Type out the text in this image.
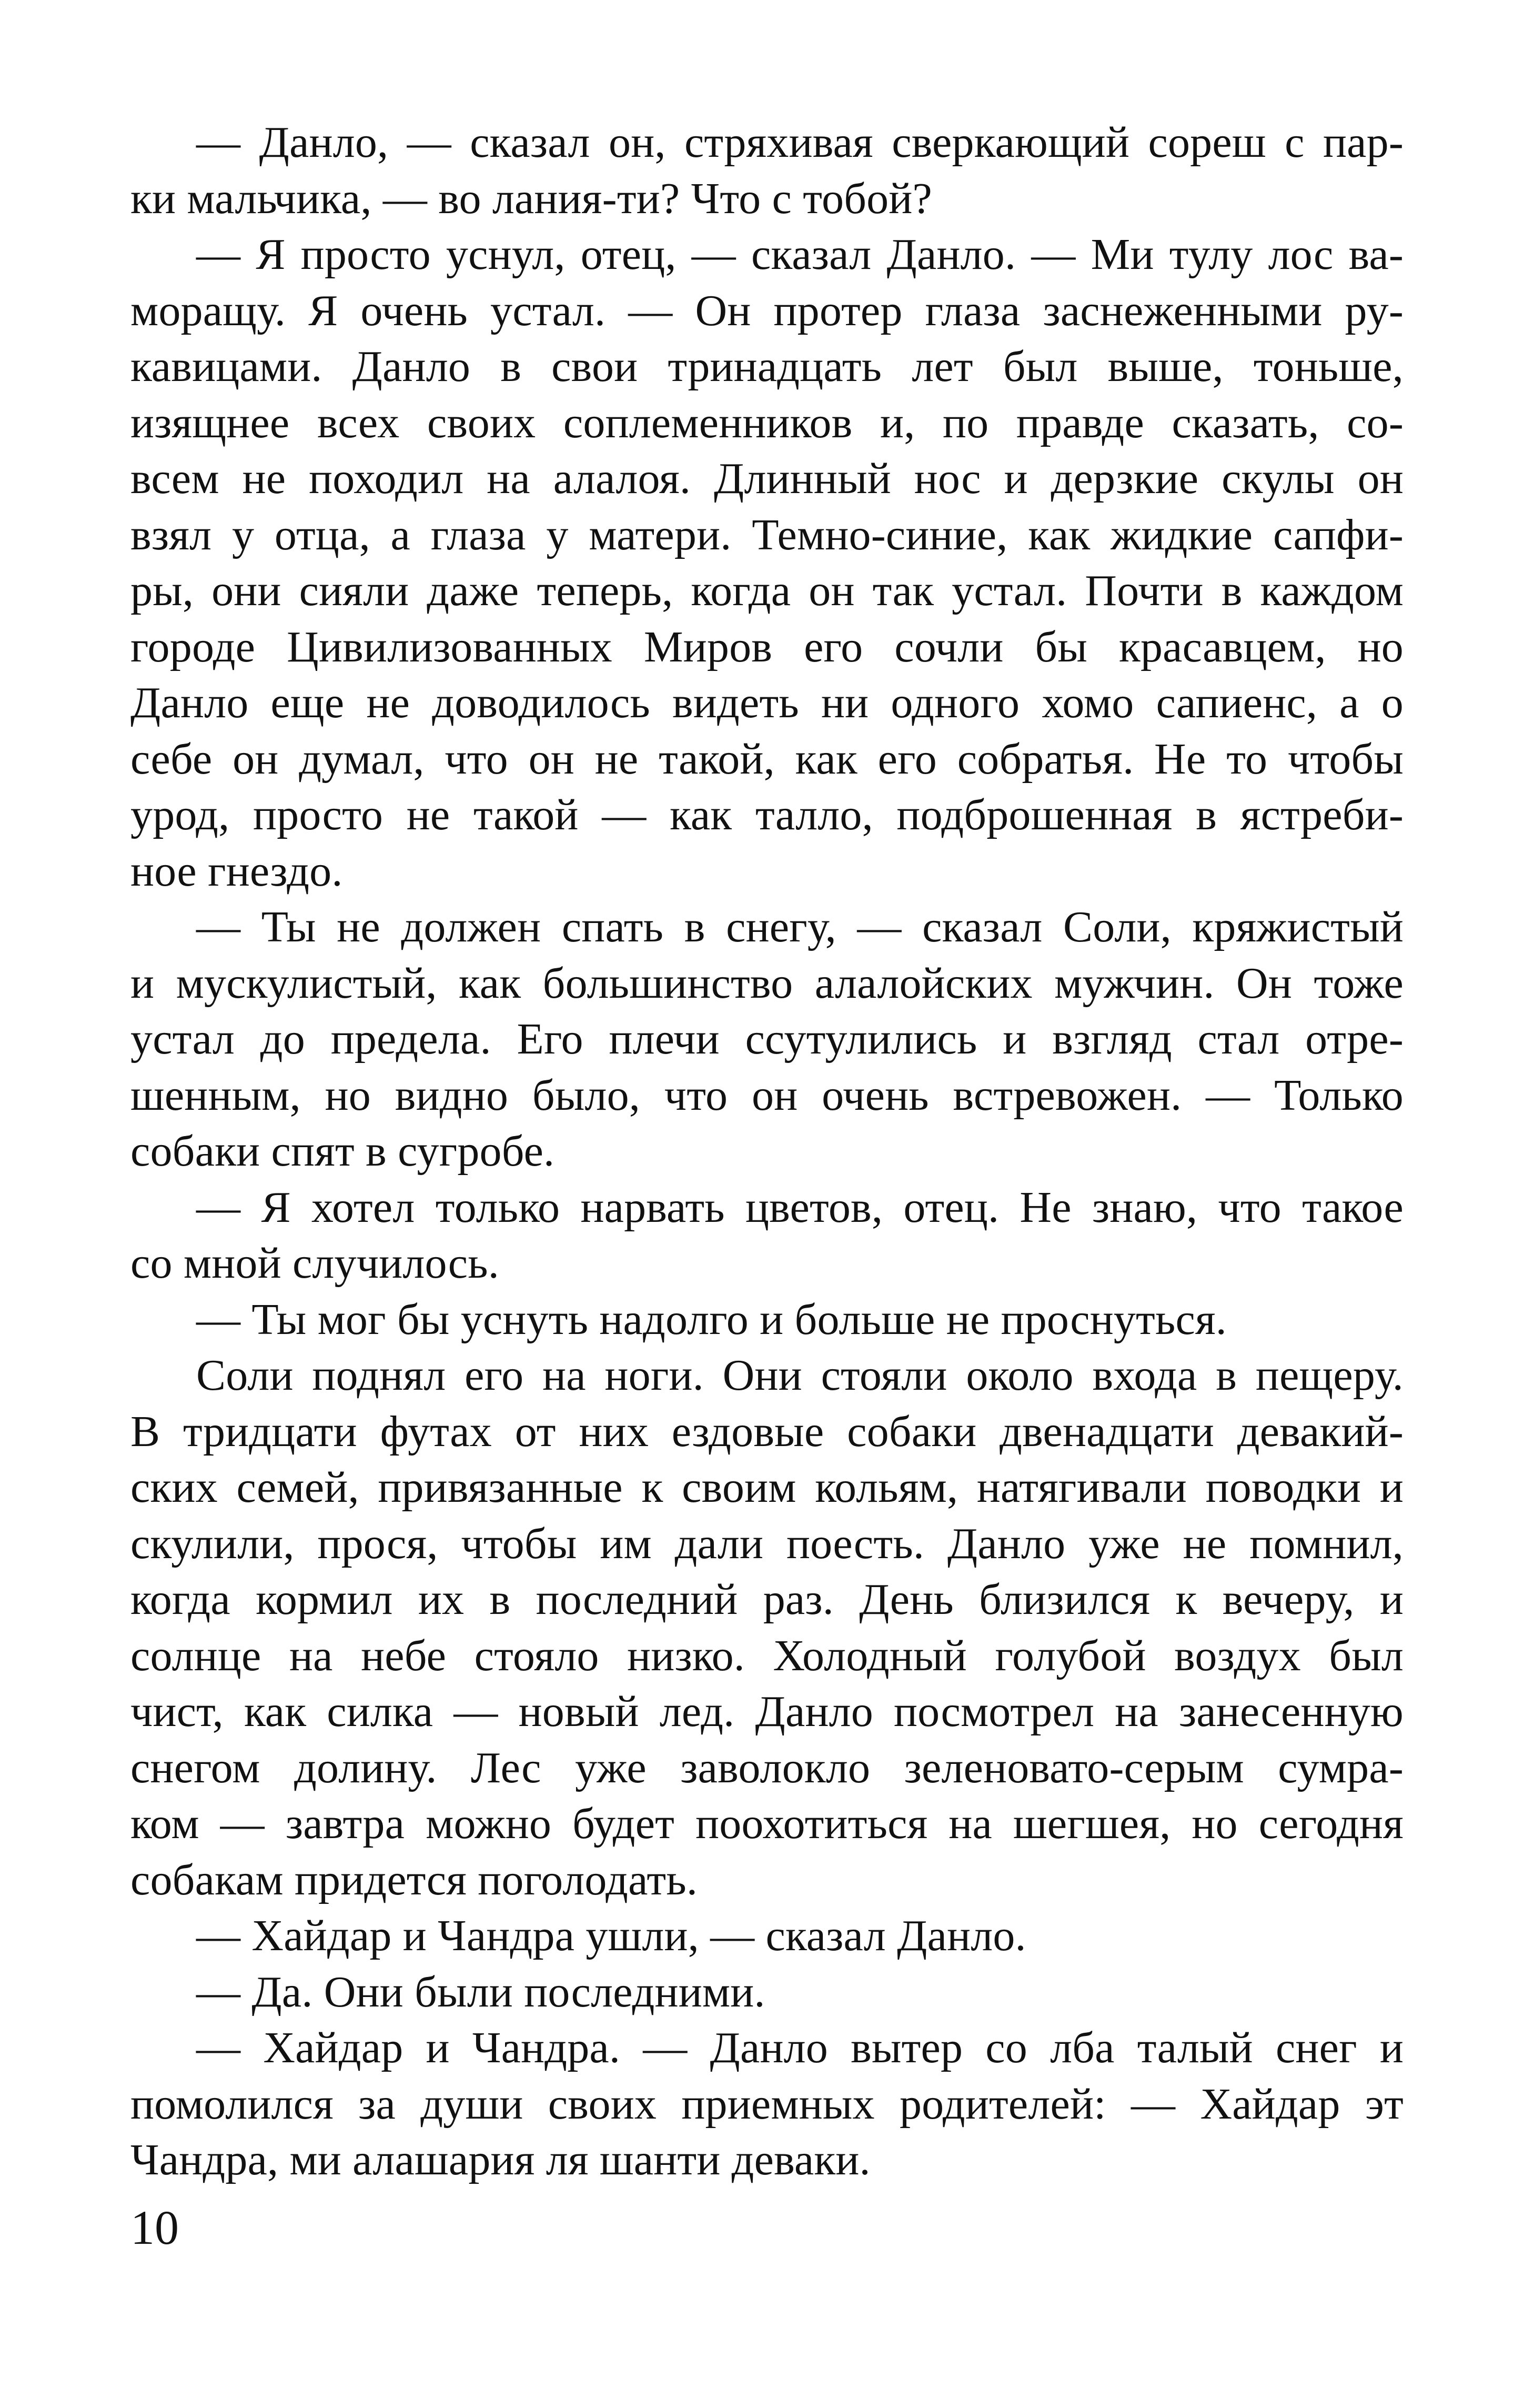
— Данло, — сказал он, стряхивая сверкающий сореш с пар-
ки мальчика, — во лания-ти? Что с тобой?
— Я просто уснул, отец, — сказал Данло. — Ми тулу лос ва-
моращу. Я очень устал. — Он протер глаза заснеженными ру-
кавицами. Данло в свои тринадцать лет был выше, тоньше,
изящнее всех своих соплеменников и, по правде сказать, со-
всем не походил на алалоя. Длинный нос и дерзкие скулы он
взял у отца, а глаза у матери. Темно-синие, как жидкие сапфи-
ры, они сияли даже теперь, когда он так устал. Почти в каждом
городе Цивилизованных Миров его сочли бы красавцем, но
Данло еще не доводилось видеть ни одного хомо сапиенс, а о
себе он думал, что он не такой, как его собратья. Не то чтобы
урод, просто не такой — как талло, подброшенная в ястреби-
ное гнездо.
— Ты не должен спать в снегу, — сказал Соли, кряжистый
и мускулистый, как большинство алалойских мужчин. Он тоже
устал до предела. Его плечи ссутулились и взгляд стал отре-
шенным, но видно было, что он очень встревожен. — Только
собаки спят в сугробе.
— Я хотел только нарвать цветов, отец. Не знаю, что такое
со мной случилось.
— Ты мог бы уснуть надолго и больше не проснуться.
Соли поднял его на ноги. Они стояли около входа в пещеру.
В тридцати футах от них ездовые собаки двенадцати девакий-
ских семей, привязанные к своим кольям, натягивали поводки и
скулили, прося, чтобы им дали поесть. Данло уже не помнил,
когда кормил их в последний раз. День близился к вечеру, и
солнце на небе стояло низко. Холодный голубой воздух был
чист, как силка — новый лед. Данло посмотрел на занесенную
снегом долину. Лес уже заволокло зеленовато-серым сумра-
ком — завтра можно будет поохотиться на шегшея, но сегодня
собакам придется поголодать.
— Хайдар и Чандра ушли, — сказал Данло.
— Да. Они были последними.
— Хайдар и Чандра. — Данло вытер со лба талый снег и
помолился за души своих приемных родителей: — Хайдар эт
Чандра, ми алашария ля шанти деваки.
10
